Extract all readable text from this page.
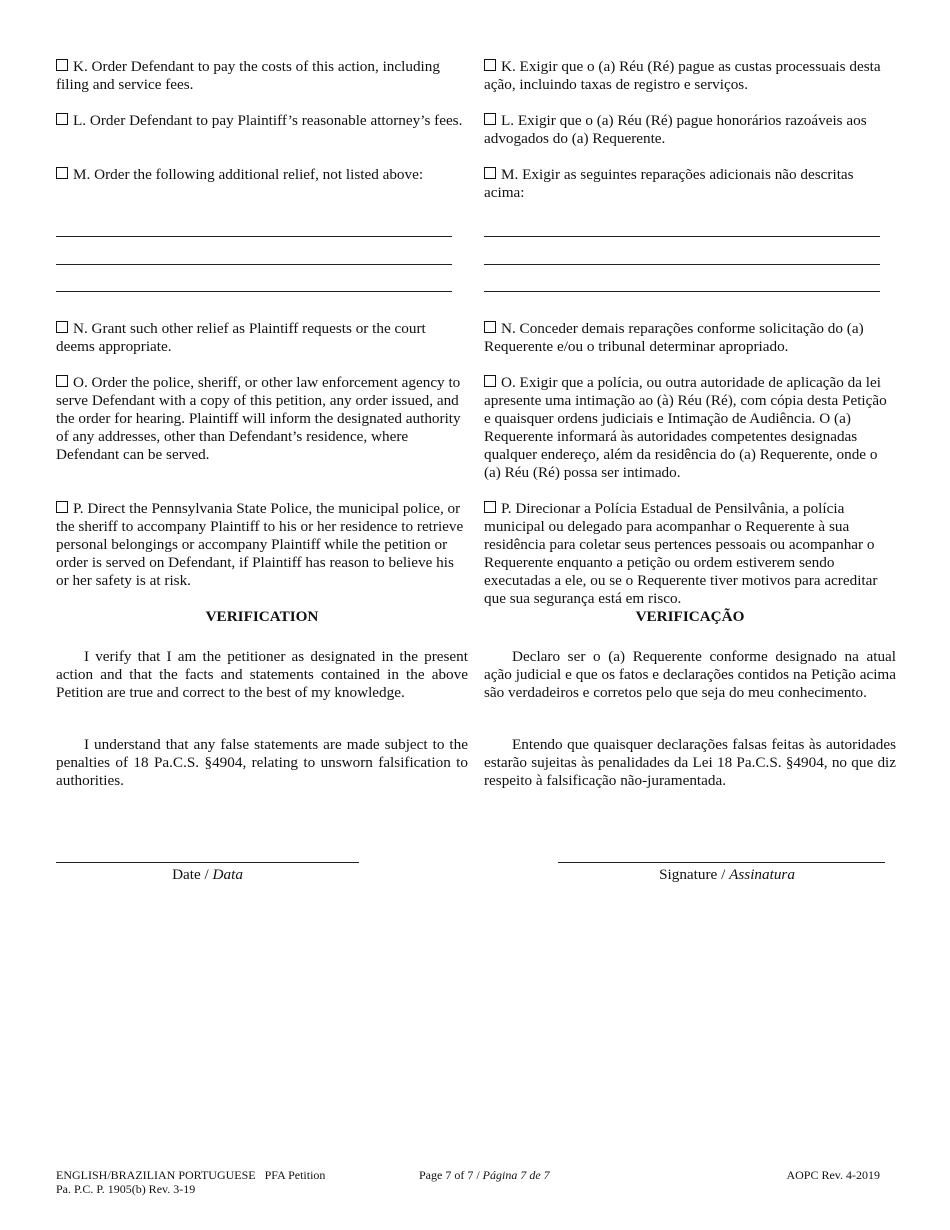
K. Order Defendant to pay the costs of this action, including filing and service fees.

L. Order Defendant to pay Plaintiff’s reasonable attorney’s fees.

M. Order the following additional relief, not listed above:

N. Grant such other relief as Plaintiff requests or the court deems appropriate.

O. Order the police, sheriff, or other law enforcement agency to serve Defendant with a copy of this petition, any order issued, and the order for hearing. Plaintiff will inform the designated authority of any addresses, other than Defendant’s residence, where Defendant can be served.

P. Direct the Pennsylvania State Police, the municipal police, or the sheriff to accompany Plaintiff to his or her residence to retrieve personal belongings or accompany Plaintiff while the petition or order is served on Defendant, if Plaintiff has reason to believe his or her safety is at risk.

VERIFICATION

I verify that I am the petitioner as designated in the present action and that the facts and statements contained in the above Petition are true and correct to the best of my knowledge.

I understand that any false statements are made subject to the penalties of 18 Pa.C.S. §4904, relating to unsworn falsification to authorities.

K. Exigir que o (a) Réu (Ré) pague as custas processuais desta ação, incluindo taxas de registro e serviços.

L. Exigir que o (a) Réu (Ré) pague honorários razoáveis aos advogados do (a) Requerente.

M. Exigir as seguintes reparações adicionais não descritas acima:

N. Conceder demais reparações conforme solicitação do (a) Requerente e/ou o tribunal determinar apropriado.

O. Exigir que a polícia, ou outra autoridade de aplicação da lei apresente uma intimação ao (à) Réu (Ré), com cópia desta Petição e quaisquer ordens judiciais e Intimação de Audiência. O (a) Requerente informará às autoridades competentes designadas qualquer endereço, além da residência do (a) Requerente, onde o (a) Réu (Ré) possa ser intimado.

P. Direcionar a Polícia Estadual de Pensilvânia, a polícia municipal ou delegado para acompanhar o Requerente à sua residência para coletar seus pertences pessoais ou acompanhar o Requerente enquanto a petição ou ordem estiverem sendo executadas a ele, ou se o Requerente tiver motivos para acreditar que sua segurança está em risco.

VERIFICAÇÃO

Declaro ser o (a) Requerente conforme designado na atual ação judicial e que os fatos e declarações contidos na Petição acima são verdadeiros e corretos pelo que seja do meu conhecimento.

Entendo que quaisquer declarações falsas feitas às autoridades estarão sujeitas às penalidades da Lei 18 Pa.C.S. §4904, no que diz respeito à falsificação não-juramentada.

Date / Data	Signature / Assinatura
ENGLISH/BRAZILIAN PORTUGUESE PFA Petition
Pa. P.C. P. 1905(b) Rev. 3-19
Page 7 of 7 / Página 7 de 7	AOPC Rev. 4-2019
